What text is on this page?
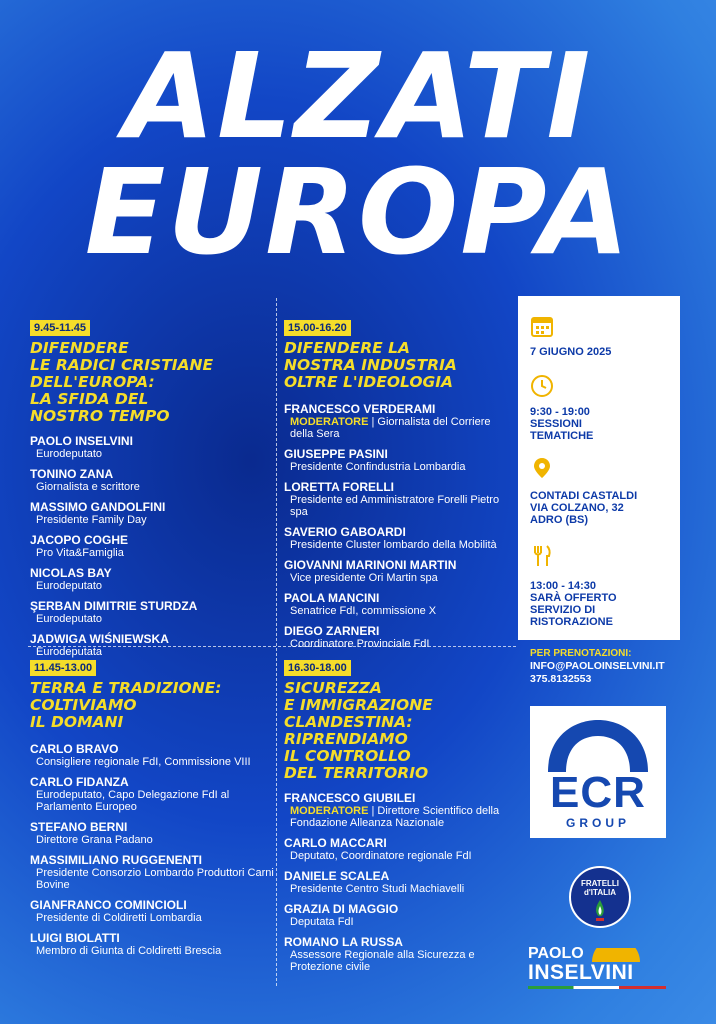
ALZATI
EUROPA
9.45-11.45
DIFENDERE
LE RADICI CRISTIANE
DELL'EUROPA:
LA SFIDA DEL
NOSTRO TEMPO
PAOLO INSELVINI
Eurodeputato
TONINO ZANA
Giornalista e scrittore
MASSIMO GANDOLFINI
Presidente Family Day
JACOPO COGHE
Pro Vita&Famiglia
NICOLAS BAY
Eurodeputato
ŞERBAN DIMITRIE STURDZA
Eurodeputato
JADWIGA WIŚNIEWSKA
Eurodeputata
15.00-16.20
DIFENDERE LA
NOSTRA INDUSTRIA
OLTRE L'IDEOLOGIA
FRANCESCO VERDERAMI
MODERATORE | Giornalista del Corriere della Sera
GIUSEPPE PASINI
Presidente Confindustria Lombardia
LORETTA FORELLI
Presidente ed Amministratore Forelli Pietro spa
SAVERIO GABOARDI
Presidente Cluster lombardo della Mobilità
GIOVANNI MARINONI MARTIN
Vice presidente Ori Martin spa
PAOLA MANCINI
Senatrice FdI, commissione X
DIEGO ZARNERI
Coordinatore Provinciale FdI
11.45-13.00
TERRA E TRADIZIONE:
COLTIVIAMO
IL DOMANI
CARLO BRAVO
Consigliere regionale FdI, Commissione VIII
CARLO FIDANZA
Eurodeputato, Capo Delegazione FdI al Parlamento Europeo
STEFANO BERNI
Direttore Grana Padano
MASSIMILIANO RUGGENENTI
Presidente Consorzio Lombardo Produttori Carni Bovine
GIANFRANCO COMINCIOLI
Presidente di Coldiretti Lombardia
LUIGI BIOLATTI
Membro di Giunta di Coldiretti Brescia
16.30-18.00
SICUREZZA
E IMMIGRAZIONE
CLANDESTINA:
RIPRENDIAMO
IL CONTROLLO
DEL TERRITORIO
FRANCESCO GIUBILEI
MODERATORE | Direttore Scientifico della Fondazione Alleanza Nazionale
CARLO MACCARI
Deputato, Coordinatore regionale FdI
DANIELE SCALEA
Presidente Centro Studi Machiavelli
GRAZIA DI MAGGIO
Deputata FdI
ROMANO LA RUSSA
Assessore Regionale alla Sicurezza e Protezione civile
7 GIUGNO 2025
9:30 - 19:00
SESSIONI
TEMATICHE
CONTADI CASTALDI
VIA COLZANO, 32
ADRO (BS)
13:00 - 14:30
SARÀ OFFERTO
SERVIZIO DI
RISTORAZIONE
PER PRENOTAZIONI:
INFO@PAOLOINSELVINI.IT
375.8132553
ECR
GROUP
FRATELLI
d'ITALIA
PAOLO
INSELVINI
